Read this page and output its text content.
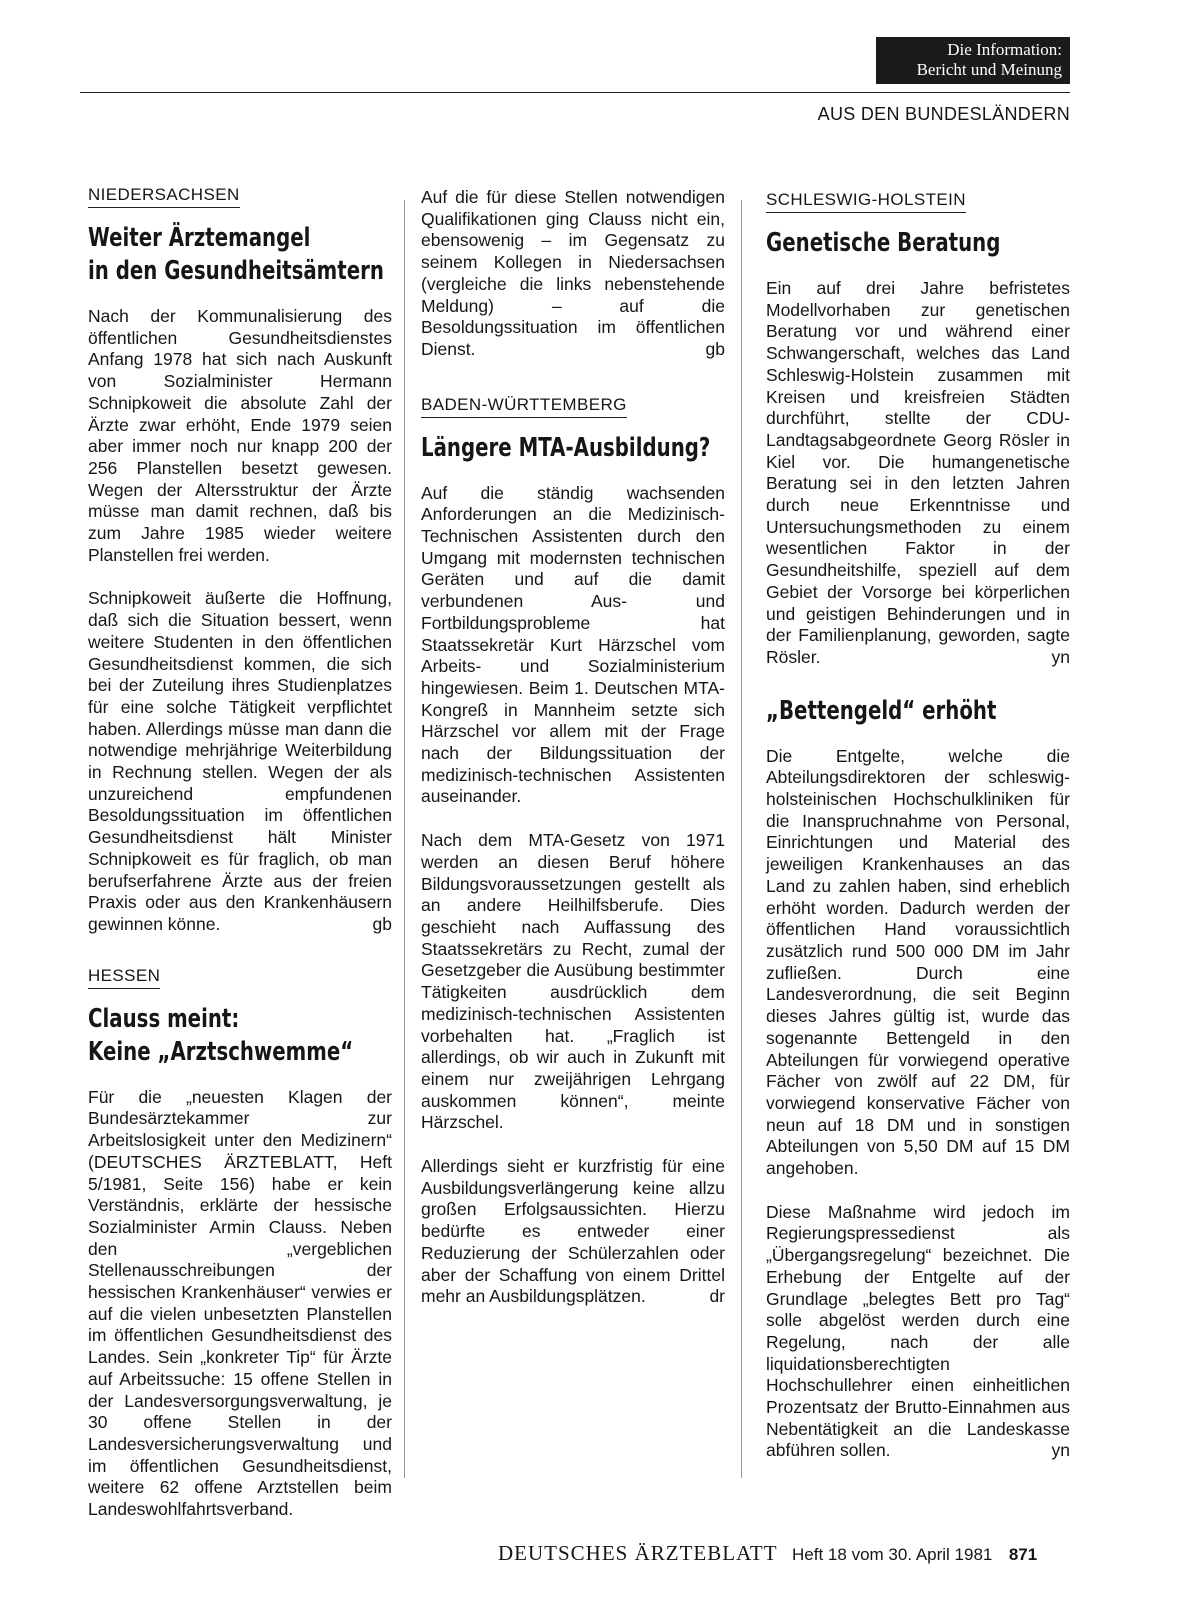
Die Information:
Bericht und Meinung
AUS DEN BUNDESLÄNDERN
NIEDERSACHSEN
Weiter Ärztemangel
in den Gesundheitsämtern

Nach der Kommunalisierung des öffentlichen Gesundheitsdienstes Anfang 1978 hat sich nach Auskunft von Sozialminister Hermann Schnipkoweit die absolute Zahl der Ärzte zwar erhöht, Ende 1979 seien aber immer noch nur knapp 200 der 256 Planstellen besetzt gewesen. Wegen der Altersstruktur der Ärzte müsse man damit rechnen, daß bis zum Jahre 1985 wieder weitere Planstellen frei werden.

Schnipkoweit äußerte die Hoffnung, daß sich die Situation bessert, wenn weitere Studenten in den öffentlichen Gesundheitsdienst kommen, die sich bei der Zuteilung ihres Studienplatzes für eine solche Tätigkeit verpflichtet haben. Allerdings müsse man dann die notwendige mehrjährige Weiterbildung in Rechnung stellen. Wegen der als unzureichend empfundenen Besoldungssituation im öffentlichen Gesundheitsdienst hält Minister Schnipkoweit es für fraglich, ob man berufserfahrene Ärzte aus der freien Praxis oder aus den Krankenhäusern gewinnen könne.	gb

HESSEN
Clauss meint:
Keine „Arztschwemme“

Für die „neuesten Klagen der Bundesärztekammer zur Arbeitslosigkeit unter den Medizinern“ (DEUTSCHES ÄRZTEBLATT, Heft 5/1981, Seite 156) habe er kein Verständnis, erklärte der hessische Sozialminister Armin Clauss. Neben den „vergeblichen Stellenausschreibungen der hessischen Krankenhäuser“ verwies er auf die vielen unbesetzten Planstellen im öffentlichen Gesundheitsdienst des Landes. Sein „konkreter Tip“ für Ärzte auf Arbeitssuche: 15 offene Stellen in der Landesversorgungsverwaltung, je 30 offene Stellen in der Landesversicherungsverwaltung und im öffentlichen Gesundheitsdienst, weitere 62 offene Arztstellen beim Landeswohlfahrtsverband.

Auf die für diese Stellen notwendigen Qualifikationen ging Clauss nicht ein, ebensowenig – im Gegensatz zu seinem Kollegen in Niedersachsen (vergleiche die links nebenstehende Meldung) – auf die Besoldungssituation im öffentlichen Dienst.	gb

BADEN-WÜRTTEMBERG
Längere MTA-Ausbildung?

Auf die ständig wachsenden Anforderungen an die Medizinisch-Technischen Assistenten durch den Umgang mit modernsten technischen Geräten und auf die damit verbundenen Aus- und Fortbildungsprobleme hat Staatssekretär Kurt Härzschel vom Arbeits- und Sozialministerium hingewiesen. Beim 1. Deutschen MTA-Kongreß in Mannheim setzte sich Härzschel vor allem mit der Frage nach der Bildungssituation der medizinisch-technischen Assistenten auseinander.

Nach dem MTA-Gesetz von 1971 werden an diesen Beruf höhere Bildungsvoraussetzungen gestellt als an andere Heilhilfsberufe. Dies geschieht nach Auffassung des Staatssekretärs zu Recht, zumal der Gesetzgeber die Ausübung bestimmter Tätigkeiten ausdrücklich dem medizinisch-technischen Assistenten vorbehalten hat. „Fraglich ist allerdings, ob wir auch in Zukunft mit einem nur zweijährigen Lehrgang auskommen können“, meinte Härzschel.

Allerdings sieht er kurzfristig für eine Ausbildungsverlängerung keine allzu großen Erfolgsaussichten. Hierzu bedürfte es entweder einer Reduzierung der Schülerzahlen oder aber der Schaffung von einem Drittel mehr an Ausbildungsplätzen.	dr

SCHLESWIG-HOLSTEIN
Genetische Beratung

Ein auf drei Jahre befristetes Modellvorhaben zur genetischen Beratung vor und während einer Schwangerschaft, welches das Land Schleswig-Holstein zusammen mit Kreisen und kreisfreien Städten durchführt, stellte der CDU-Landtagsabgeordnete Georg Rösler in Kiel vor. Die humangenetische Beratung sei in den letzten Jahren durch neue Erkenntnisse und Untersuchungsmethoden zu einem wesentlichen Faktor in der Gesundheitshilfe, speziell auf dem Gebiet der Vorsorge bei körperlichen und geistigen Behinderungen und in der Familienplanung, geworden, sagte Rösler.	yn

„Bettengeld“ erhöht

Die Entgelte, welche die Abteilungsdirektoren der schleswig-holsteinischen Hochschulkliniken für die Inanspruchnahme von Personal, Einrichtungen und Material des jeweiligen Krankenhauses an das Land zu zahlen haben, sind erheblich erhöht worden. Dadurch werden der öffentlichen Hand voraussichtlich zusätzlich rund 500 000 DM im Jahr zufließen. Durch eine Landesverordnung, die seit Beginn dieses Jahres gültig ist, wurde das sogenannte Bettengeld in den Abteilungen für vorwiegend operative Fächer von zwölf auf 22 DM, für vorwiegend konservative Fächer von neun auf 18 DM und in sonstigen Abteilungen von 5,50 DM auf 15 DM angehoben.

Diese Maßnahme wird jedoch im Regierungspressedienst als „Übergangsregelung“ bezeichnet. Die Erhebung der Entgelte auf der Grundlage „belegtes Bett pro Tag“ solle abgelöst werden durch eine Regelung, nach der alle liquidationsberechtigten Hochschullehrer einen einheitlichen Prozentsatz der Brutto-Einnahmen aus Nebentätigkeit an die Landeskasse abführen sollen.	yn

DEUTSCHES ÄRZTEBLATT Heft 18 vom 30. April 1981 871
